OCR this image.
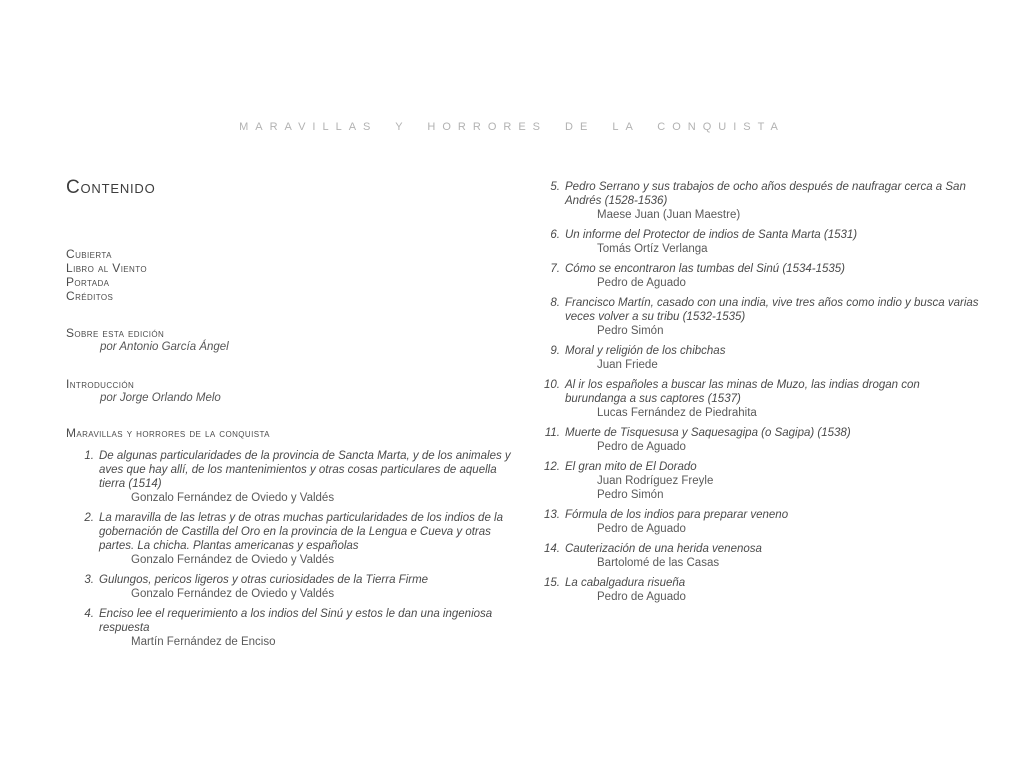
MARAVILLAS Y HORRORES DE LA CONQUISTA
Contenido
Cubierta
Libro al Viento
Portada
Créditos
Sobre esta edición
por Antonio García Ángel
Introducción
por Jorge Orlando Melo
Maravillas y horrores de la conquista
1. De algunas particularidades de la provincia de Sancta Marta, y de los animales y aves que hay allí, de los mantenimientos y otras cosas particulares de aquella tierra (1514)
Gonzalo Fernández de Oviedo y Valdés
2. La maravilla de las letras y de otras muchas particularidades de los indios de la gobernación de Castilla del Oro en la provincia de la Lengua e Cueva y otras partes. La chicha. Plantas americanas y españolas
Gonzalo Fernández de Oviedo y Valdés
3. Gulungos, pericos ligeros y otras curiosidades de la Tierra Firme
Gonzalo Fernández de Oviedo y Valdés
4. Enciso lee el requerimiento a los indios del Sinú y estos le dan una ingeniosa respuesta
Martín Fernández de Enciso
5. Pedro Serrano y sus trabajos de ocho años después de naufragar cerca a San Andrés (1528-1536)
Maese Juan (Juan Maestre)
6. Un informe del Protector de indios de Santa Marta (1531)
Tomás Ortíz Verlanga
7. Cómo se encontraron las tumbas del Sinú (1534-1535)
Pedro de Aguado
8. Francisco Martín, casado con una india, vive tres años como indio y busca varias veces volver a su tribu (1532-1535)
Pedro Simón
9. Moral y religión de los chibchas
Juan Friede
10. Al ir los españoles a buscar las minas de Muzo, las indias drogan con burundanga a sus captores (1537)
Lucas Fernández de Piedrahita
11. Muerte de Tisquesusa y Saquesagipa (o Sagipa) (1538)
Pedro de Aguado
12. El gran mito de El Dorado
Juan Rodríguez Freyle
Pedro Simón
13. Fórmula de los indios para preparar veneno
Pedro de Aguado
14. Cauterización de una herida venenosa
Bartolomé de las Casas
15. La cabalgadura risueña
Pedro de Aguado
